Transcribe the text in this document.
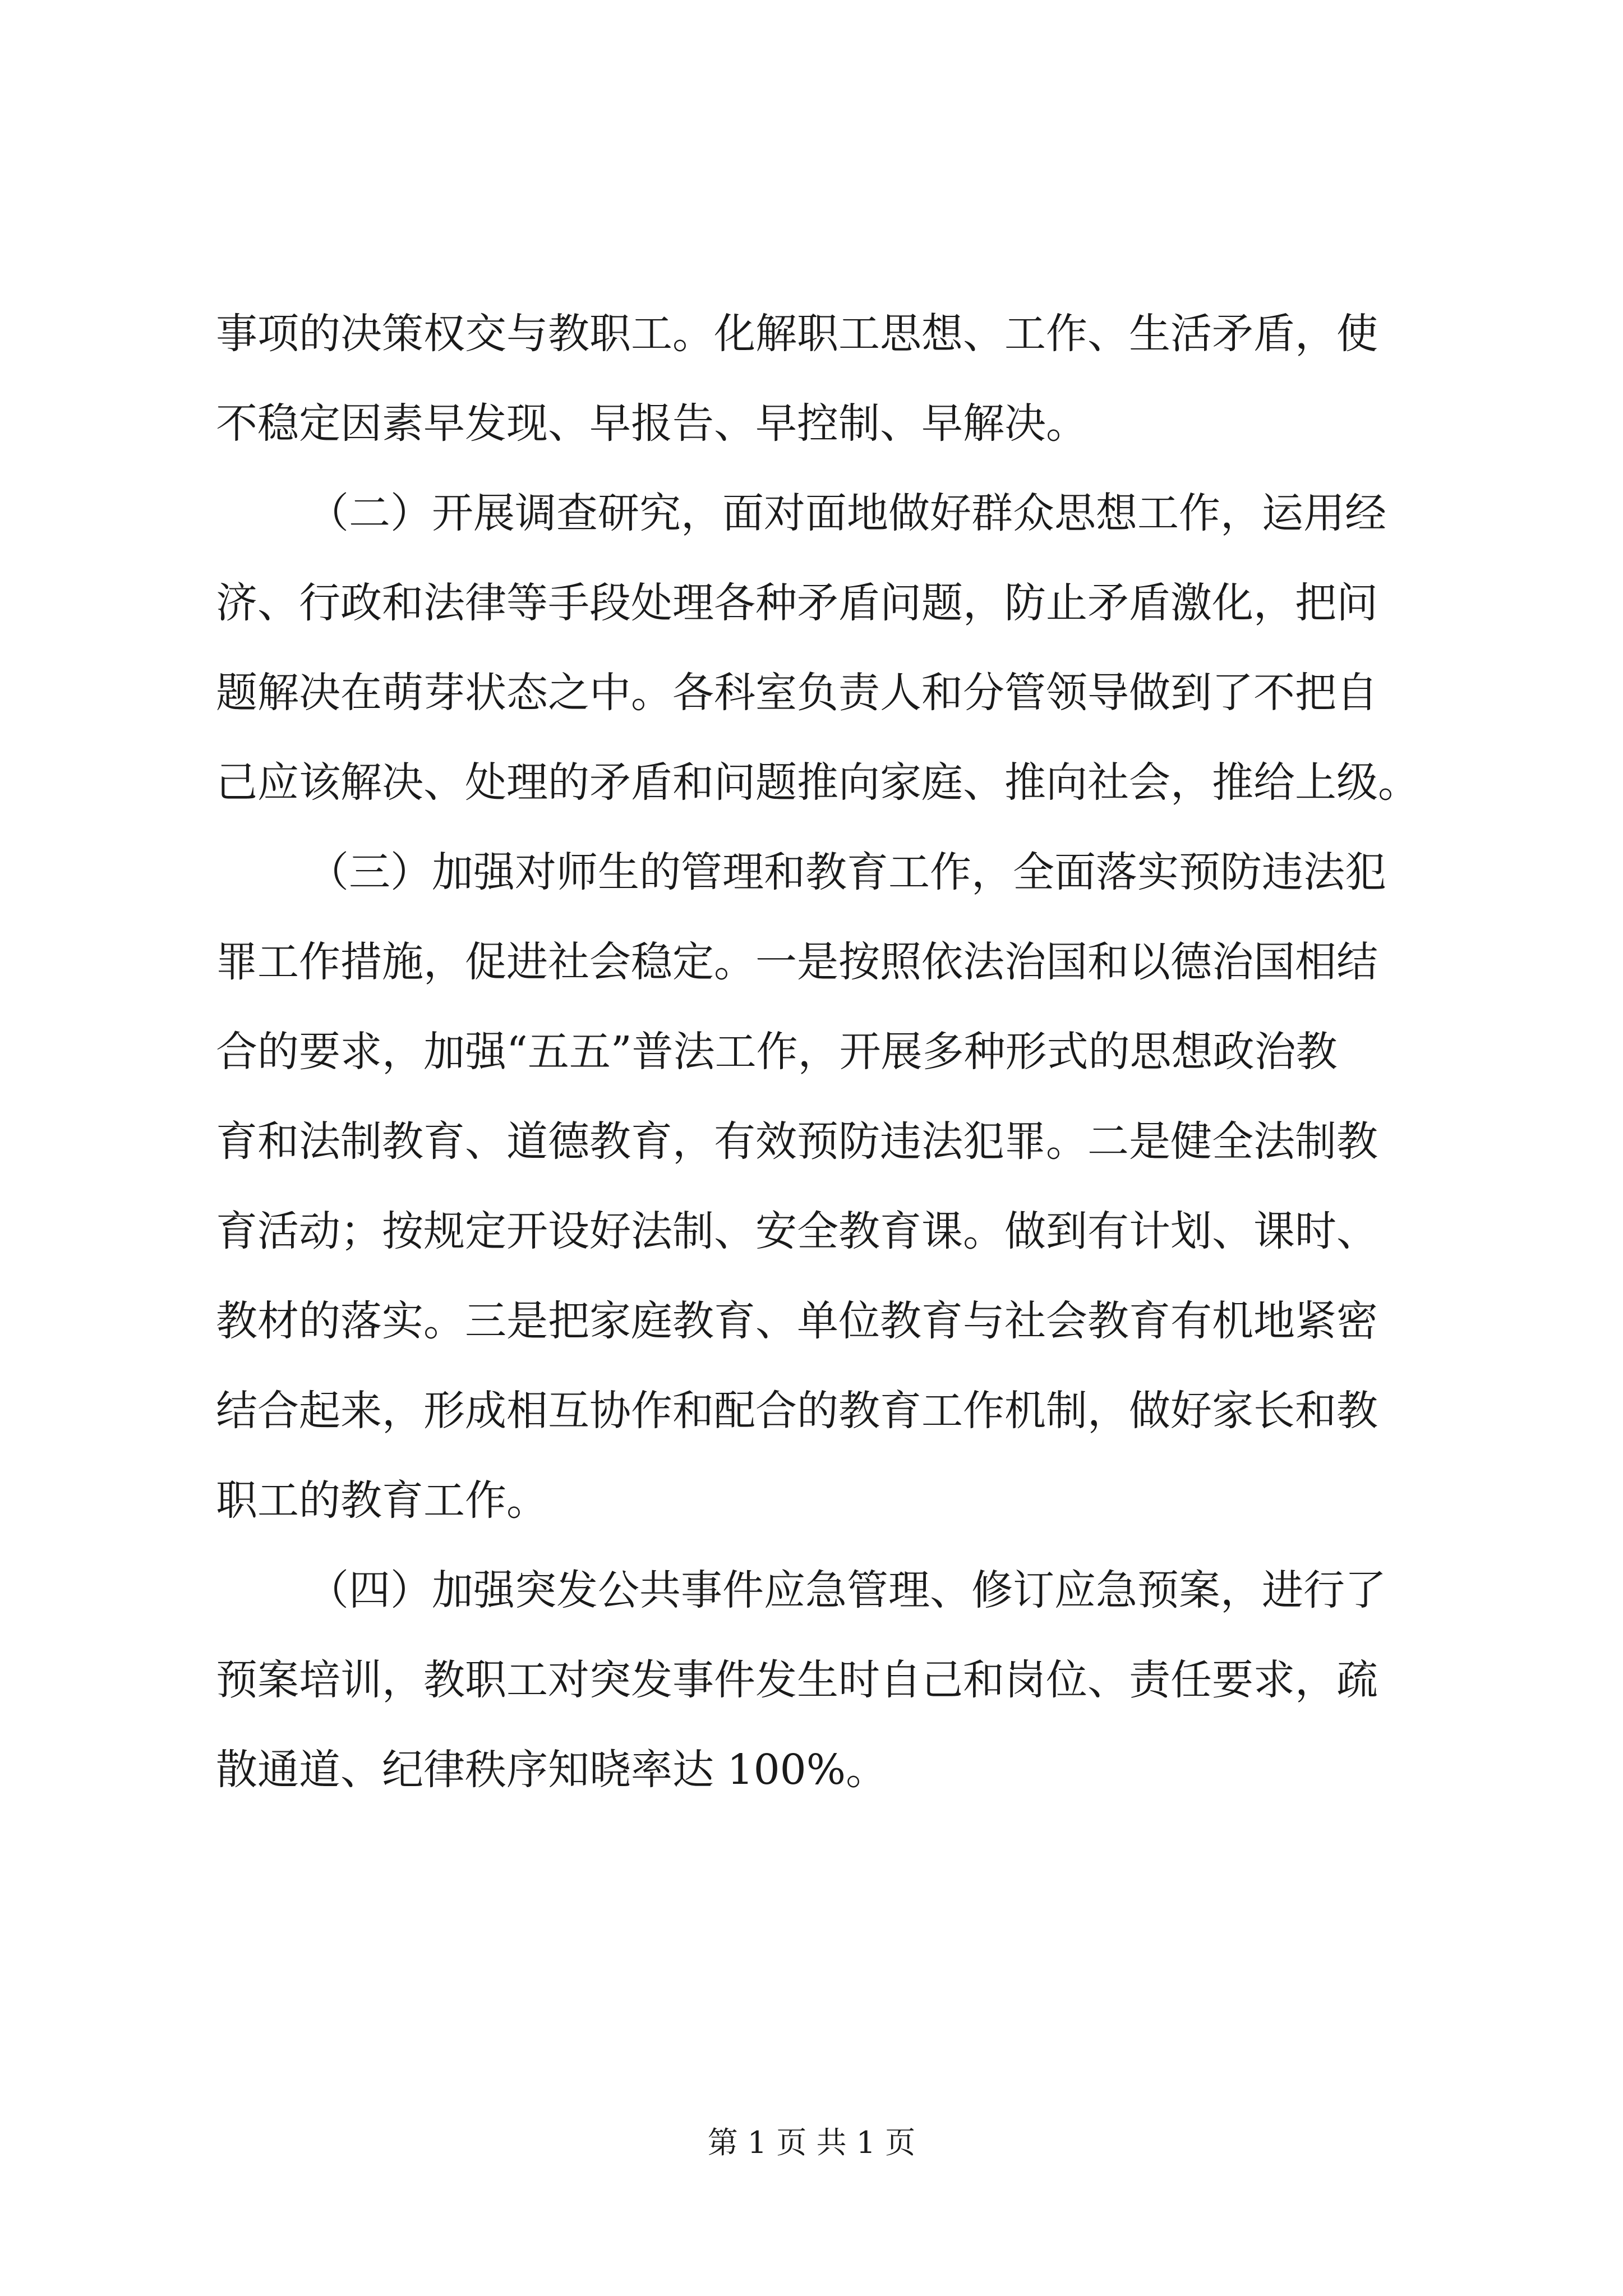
事项的决策权交与教职工。化解职工思想、工作、生活矛盾，使
不稳定因素早发现、早报告、早控制、早解决。
（二）开展调查研究，面对面地做好群众思想工作，运用经
济、行政和法律等手段处理各种矛盾问题，防止矛盾激化，把问
题解决在萌芽状态之中。各科室负责人和分管领导做到了不把自
己应该解决、处理的矛盾和问题推向家庭、推向社会，推给上级。
（三）加强对师生的管理和教育工作，全面落实预防违法犯
罪工作措施，促进社会稳定。一是按照依法治国和以德治国相结
合的要求，加强“五五”普法工作，开展多种形式的思想政治教
育和法制教育、道德教育，有效预防违法犯罪。二是健全法制教
育活动；按规定开设好法制、安全教育课。做到有计划、课时、
教材的落实。三是把家庭教育、单位教育与社会教育有机地紧密
结合起来，形成相互协作和配合的教育工作机制，做好家长和教
职工的教育工作。
（四）加强突发公共事件应急管理、修订应急预案，进行了
预案培训，教职工对突发事件发生时自己和岗位、责任要求，疏
散通道、纪律秩序知晓率达 100%。
第 1 页 共 1 页
